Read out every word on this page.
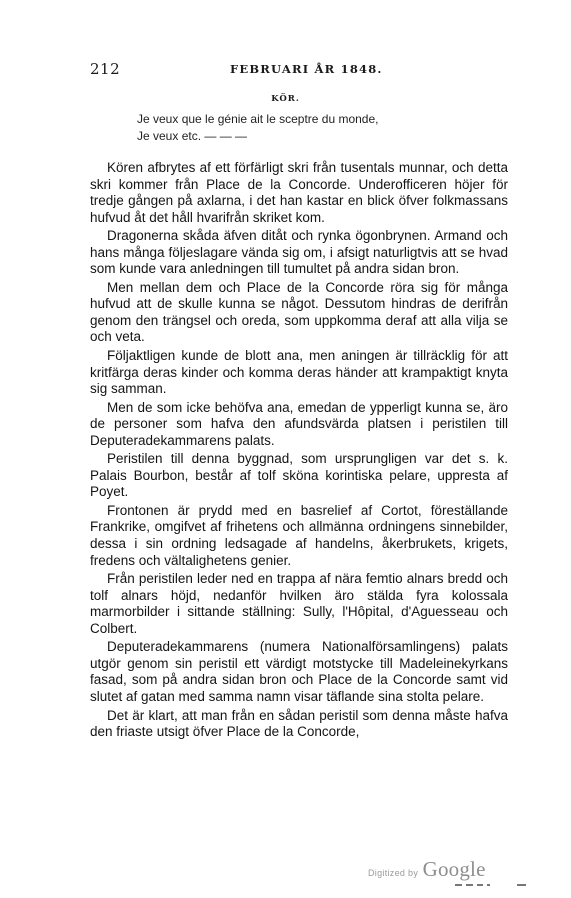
212	FEBRUARI ÅR 1848.
KÖR.
Je veux que le génie ait le sceptre du monde,
Je veux etc. — — —

Kören afbrytes af ett förfärligt skri från tusentals munnar, och detta skri kommer från Place de la Concorde. Underofficeren höjer för tredje gången på axlarna, i det han kastar en blick öfver folkmassans hufvud åt det håll hvarifrån skriket kom.

Dragonerna skåda äfven ditåt och rynka ögonbrynen. Armand och hans många följeslagare vända sig om, i afsigt naturligtvis att se hvad som kunde vara anledningen till tumultet på andra sidan bron.

Men mellan dem och Place de la Concorde röra sig för många hufvud att de skulle kunna se något. Dessutom hindras de derifrån genom den trängsel och oreda, som uppkomma deraf att alla vilja se och veta.

Följaktligen kunde de blott ana, men aningen är tillräcklig för att kritfärga deras kinder och komma deras händer att krampaktigt knyta sig samman.

Men de som icke behöfva ana, emedan de ypperligt kunna se, äro de personer som hafva den afundsvärda platsen i peristilen till Deputeradekammarens palats.

Peristilen till denna byggnad, som ursprungligen var det s. k. Palais Bourbon, består af tolf sköna korintiska pelare, uppresta af Poyet.

Frontonen är prydd med en basrelief af Cortot, föreställande Frankrike, omgifvet af frihetens och allmänna ordningens sinnebilder, dessa i sin ordning ledsagade af handelns, åkerbrukets, krigets, fredens och vältalighetens genier.

Från peristilen leder ned en trappa af nära femtio alnars bredd och tolf alnars höjd, nedanför hvilken äro stälda fyra kolossala marmorbilder i sittande ställning: Sully, l'Hôpital, d'Aguesseau och Colbert.

Deputeradekammarens (numera Nationalförsamlingens) palats utgör genom sin peristil ett värdigt motstycke till Madeleinekyrkans fasad, som på andra sidan bron och Place de la Concorde samt vid slutet af gatan med samma namn visar täflande sina stolta pelare.

Det är klart, att man från en sådan peristil som denna måste hafva den friaste utsigt öfver Place de la Concorde,

Digitized by Google
